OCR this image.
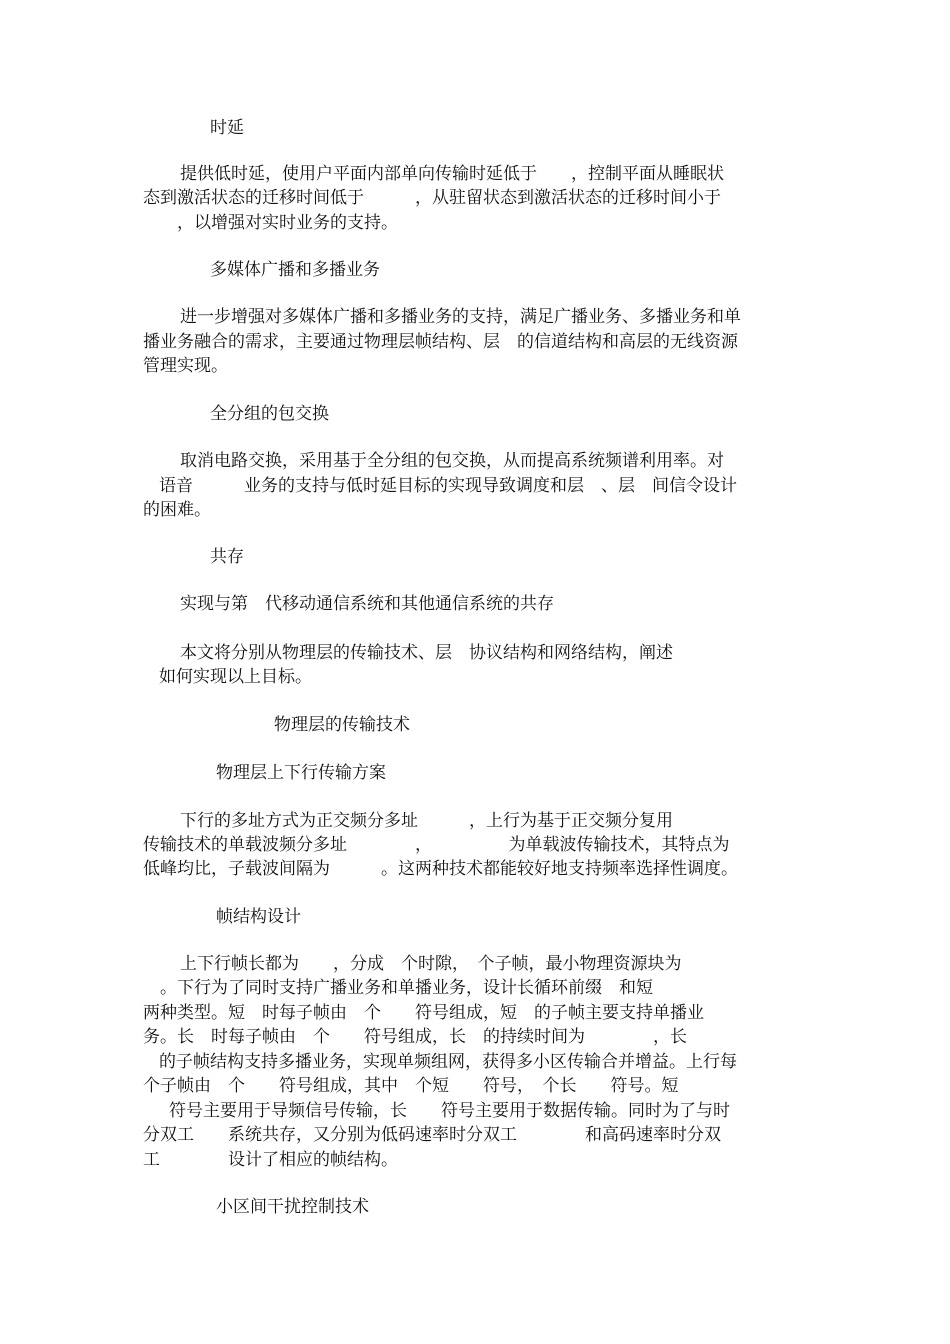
时延
提供低时延，使用户平面内部单向传输时延低于　　，控制平面从睡眠状
态到激活状态的迁移时间低于　　　，从驻留状态到激活状态的迁移时间小于
　　，以增强对实时业务的支持。
多媒体广播和多播业务
进一步增强对多媒体广播和多播业务的支持，满足广播业务、多播业务和单
播业务融合的需求，主要通过物理层帧结构、层　的信道结构和高层的无线资源
管理实现。
全分组的包交换
取消电路交换，采用基于全分组的包交换，从而提高系统频谱利用率。对
语音　　　业务的支持与低时延目标的实现导致调度和层　、层　间信令设计
的困难。
共存
实现与第　代移动通信系统和其他通信系统的共存
本文将分别从物理层的传输技术、层　协议结构和网络结构，阐述
如何实现以上目标。
物理层的传输技术
物理层上下行传输方案
下行的多址方式为正交频分多址　　　，上行为基于正交频分复用
传输技术的单载波频分多址　　　　，　　　　　为单载波传输技术，其特点为
低峰均比，子载波间隔为　　　。这两种技术都能较好地支持频率选择性调度。
帧结构设计
上下行帧长都为　　，分成　个时隙，　个子帧，最小物理资源块为
　。下行为了同时支持广播业务和单播业务，设计长循环前缀　和短
两种类型。短　时每子帧由　个　　符号组成，短　的子帧主要支持单播业
务。长　时每子帧由　个　　符号组成，长　的持续时间为　　　　，长
的子帧结构支持多播业务，实现单频组网，获得多小区传输合并增益。上行每
个子帧由　个　　符号组成，其中　个短　　符号，　个长　　符号。短
符号主要用于导频信号传输，长　　符号主要用于数据传输。同时为了与时
分双工　　系统共存，又分别为低码速率时分双工　　　　和高码速率时分双
工　　　　设计了相应的帧结构。
小区间干扰控制技术
